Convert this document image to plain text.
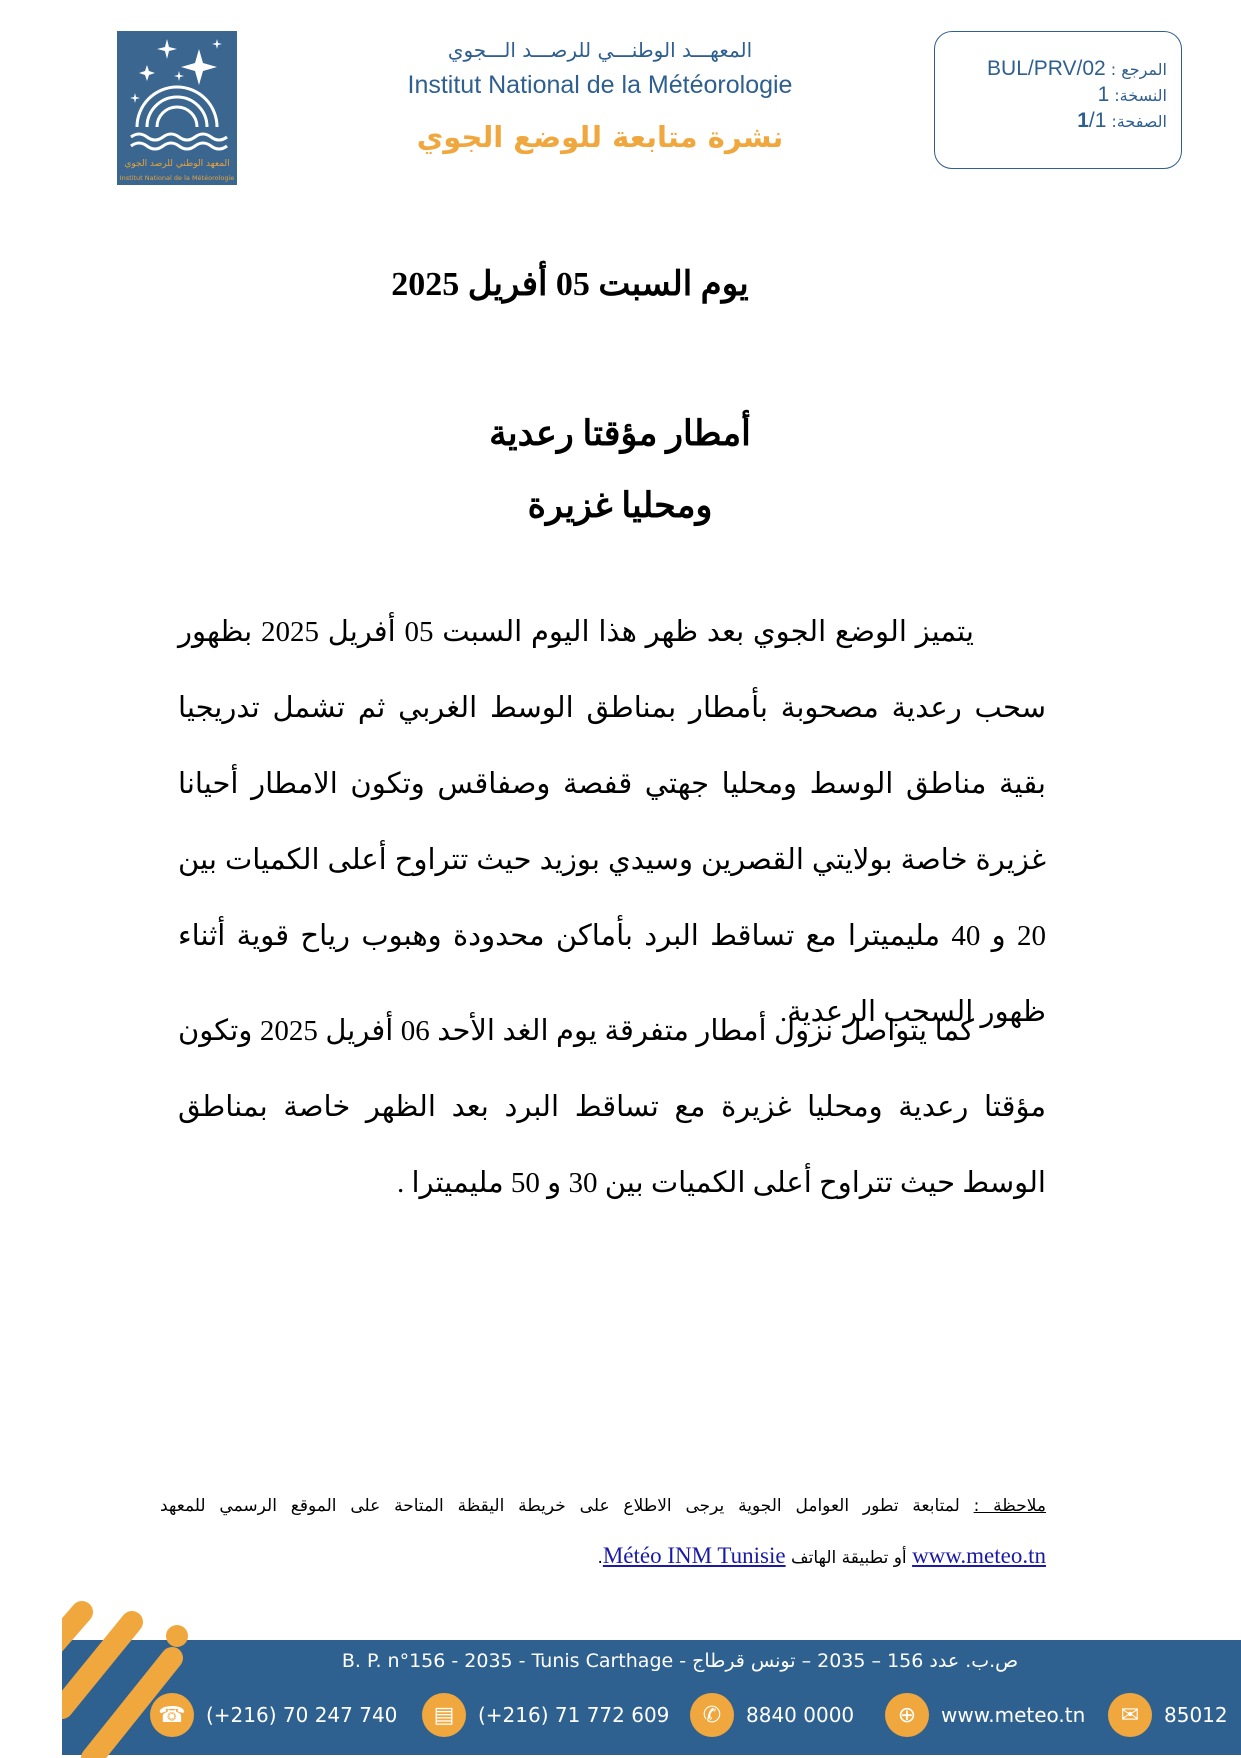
المعهد الوطني للرصد الجوي
Institut National de la Météorologie
المعهـــد الوطنـــي للرصـــد الـــجوي
Institut National de la Météorologie
نشرة متابعة للوضع الجوي
المرجع : BUL/PRV/02
النسخة: 1
الصفحة: 1/1
يوم السبت 05 أفريل 2025
أمطار مؤقتا رعدية
ومحليا غزيرة
يتميز الوضع الجوي بعد ظهر هذا اليوم السبت 05 أفريل 2025 بظهور سحب رعدية مصحوبة بأمطار بمناطق الوسط الغربي ثم تشمل تدريجيا بقية مناطق الوسط ومحليا جهتي قفصة وصفاقس وتكون الامطار أحيانا غزيرة خاصة بولايتي القصرين وسيدي بوزيد حيث تتراوح أعلى الكميات بين 20 و 40 مليميترا مع تساقط البرد بأماكن محدودة وهبوب رياح قوية أثناء ظهور السحب الرعدية.
كما يتواصل نزول أمطار متفرقة يوم الغد الأحد 06 أفريل 2025 وتكون مؤقتا رعدية ومحليا غزيرة مع تساقط البرد بعد الظهر خاصة بمناطق الوسط حيث تتراوح أعلى الكميات بين 30 و 50 مليميترا .
ملاحظة : لمتابعة تطور العوامل الجوية يرجى الاطلاع على خريطة اليقظة المتاحة على الموقع الرسمي للمعهد www.meteo.tn أو تطبيقة الهاتف Météo INM Tunisie.
B. P. n°156 - 2035 - Tunis Carthage - ص.ب. عدد 156 – 2035 – تونس قرطاج
☎	(+216) 70 247 740	▤	(+216) 71 772 609	✆	8840 0000	⊕	www.meteo.tn	✉	85012
